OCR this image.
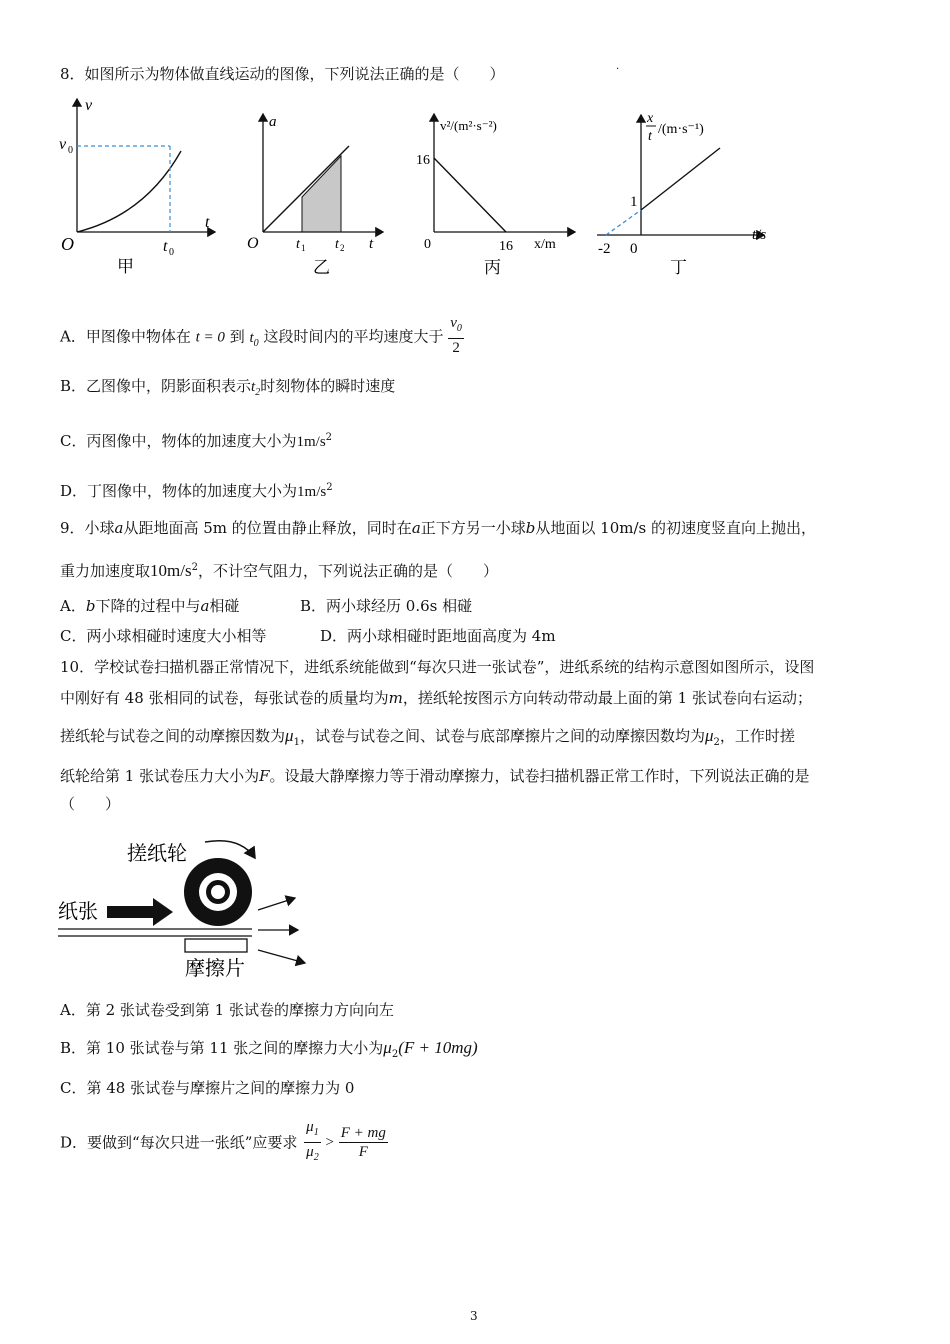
8．如图所示为物体做直线运动的图像，下列说法正确的是（　　）	·
v
t
O
v 0
t 0
甲
a
t
O	t 1 t 2
乙
v²/(m²·s⁻²)
x/m
0
16
16
丙
x
t /(m·s⁻¹)
t/s
0
1
-2
丁
A．甲图像中物体在 t = 0 到 $t_0$ 这段时间内的平均速度大于 $\frac{v_0}{2}$
B．乙图像中，阴影面积表示$t_2$时刻物体的瞬时速度
C．丙图像中，物体的加速度大小为$1m/s^2$
D．丁图像中，物体的加速度大小为$1m/s^2$
9．小球a从距地面高 5m 的位置由静止释放，同时在a正下方另一小球b从地面以 10m/s 的初速度竖直向上抛出，
重力加速度取$10m/s^2$，不计空气阻力，下列说法正确的是（　　）
A．b下降的过程中与a相碰	B．两小球经历 0.6s 相碰
C．两小球相碰时速度大小相等	D．两小球相碰时距地面高度为 4m
10．学校试卷扫描机器正常情况下，进纸系统能做到“每次只进一张试卷”，进纸系统的结构示意图如图所示，设图
中刚好有 48 张相同的试卷，每张试卷的质量均为m，搓纸轮按图示方向转动带动最上面的第 1 张试卷向右运动；
搓纸轮与试卷之间的动摩擦因数为$\mu_1$，试卷与试卷之间、试卷与底部摩擦片之间的动摩擦因数均为$\mu_2$，工作时搓
纸轮给第 1 张试卷压力大小为F。设最大静摩擦力等于滑动摩擦力，试卷扫描机器正常工作时，下列说法正确的是
（　　）
搓纸轮
纸张
摩擦片
A．第 2 张试卷受到第 1 张试卷的摩擦力方向向左
B．第 10 张试卷与第 11 张之间的摩擦力大小为$\mu_2(F + 10mg)$
C．第 48 张试卷与摩擦片之间的摩擦力为 0
D．要做到“每次只进一张纸”应要求 $\frac{\mu_1}{\mu_2} > \frac{F + mg}{F}$
3
